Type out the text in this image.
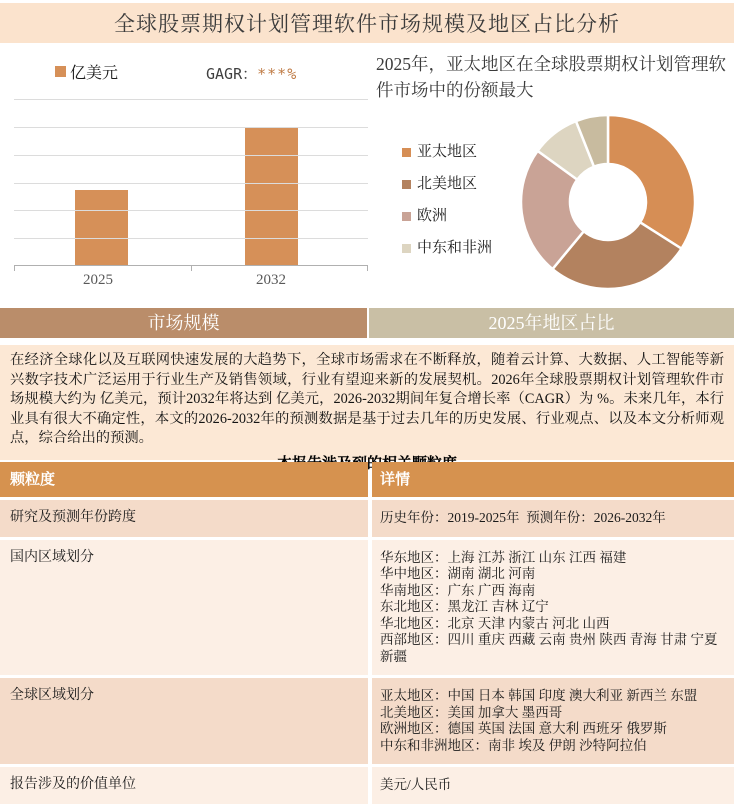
全球股票期权计划管理软件市场规模及地区占比分析
亿美元	GAGR：***%
2025	2032
2025年，亚太地区在全球股票期权计划管理软件市场中的份额最大
亚太地区
北美地区
欧洲
中东和非洲
市场规模	2025年地区占比

在经济全球化以及互联网快速发展的大趋势下，全球市场需求在不断释放，随着云计算、大数据、人工智能等新兴数字技术广泛运用于行业生产及销售领域，行业有望迎来新的发展契机。2026年全球股票期权计划管理软件市场规模大约为 亿美元，预计2032年将达到 亿美元，2026-2032期间年复合增长率（CAGR）为 %。未来几年，本行业具有很大不确定性，本文的2026-2032年的预测数据是基于过去几年的历史发展、行业观点、以及本文分析师观点，综合给出的预测。

颗粒度	详情
研究及预测年份跨度	历史年份：2019-2025年  预测年份：2026-2032年
国内区域划分	华东地区：上海 江苏 浙江 山东 江西 福建
华中地区：湖南 湖北 河南
华南地区：广东 广西 海南
东北地区：黑龙江 吉林 辽宁
华北地区：北京 天津 内蒙古 河北 山西
西部地区：四川 重庆 西藏 云南 贵州 陕西 青海 甘肃 宁夏 新疆
全球区域划分	亚太地区：中国 日本 韩国 印度 澳大利亚 新西兰 东盟
北美地区：美国 加拿大 墨西哥
欧洲地区：德国 英国 法国 意大利 西班牙 俄罗斯
中东和非洲地区：南非 埃及 伊朗 沙特阿拉伯
报告涉及的价值单位	美元/人民币
